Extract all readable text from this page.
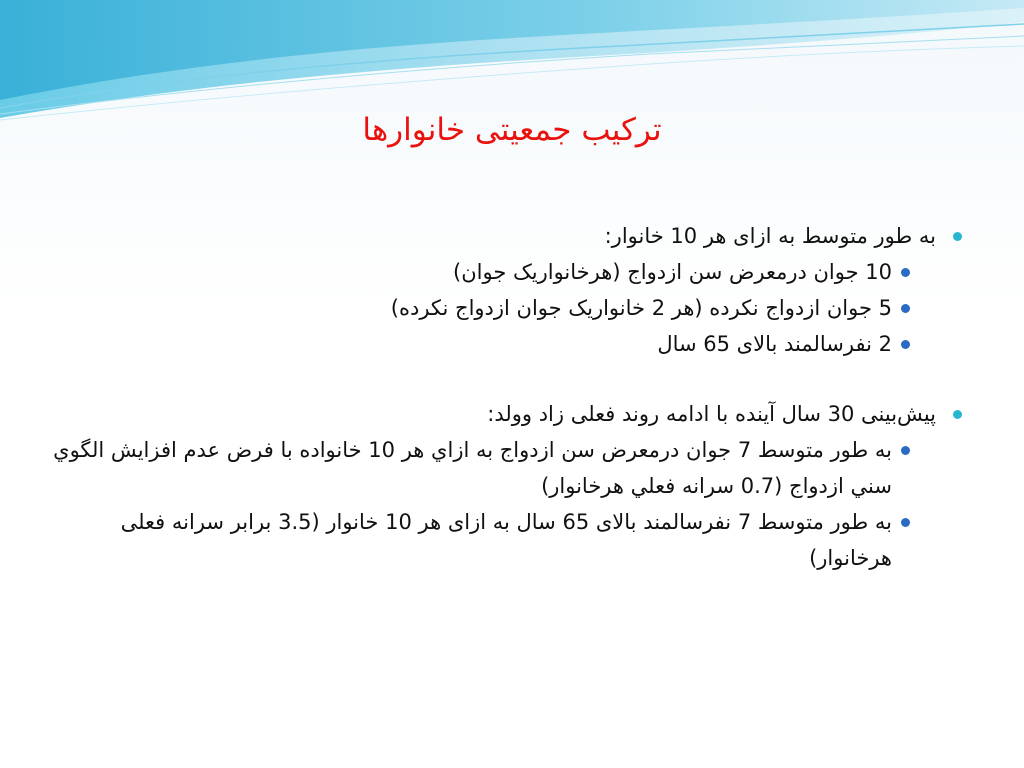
ترکیب جمعیتی خانوارها
به طور متوسط به ازای هر 10 خانوار:
10 جوان درمعرض سن ازدواج (هرخانواریک جوان)
5 جوان ازدواج نکرده (هر 2 خانواریک جوان ازدواج نکرده)
2 نفرسالمند بالای 65 سال
پیش‌بینی 30 سال آینده با ادامه روند فعلی زاد وولد:
به طور متوسط 7 جوان درمعرض سن ازدواج به ازاي هر 10 خانواده با فرض عدم افزايش الگوي سني ازدواج (0.7 سرانه فعلي هرخانوار)
به طور متوسط 7 نفرسالمند بالای 65 سال به ازای هر 10 خانوار (3.5 برابر سرانه فعلی هرخانوار)
